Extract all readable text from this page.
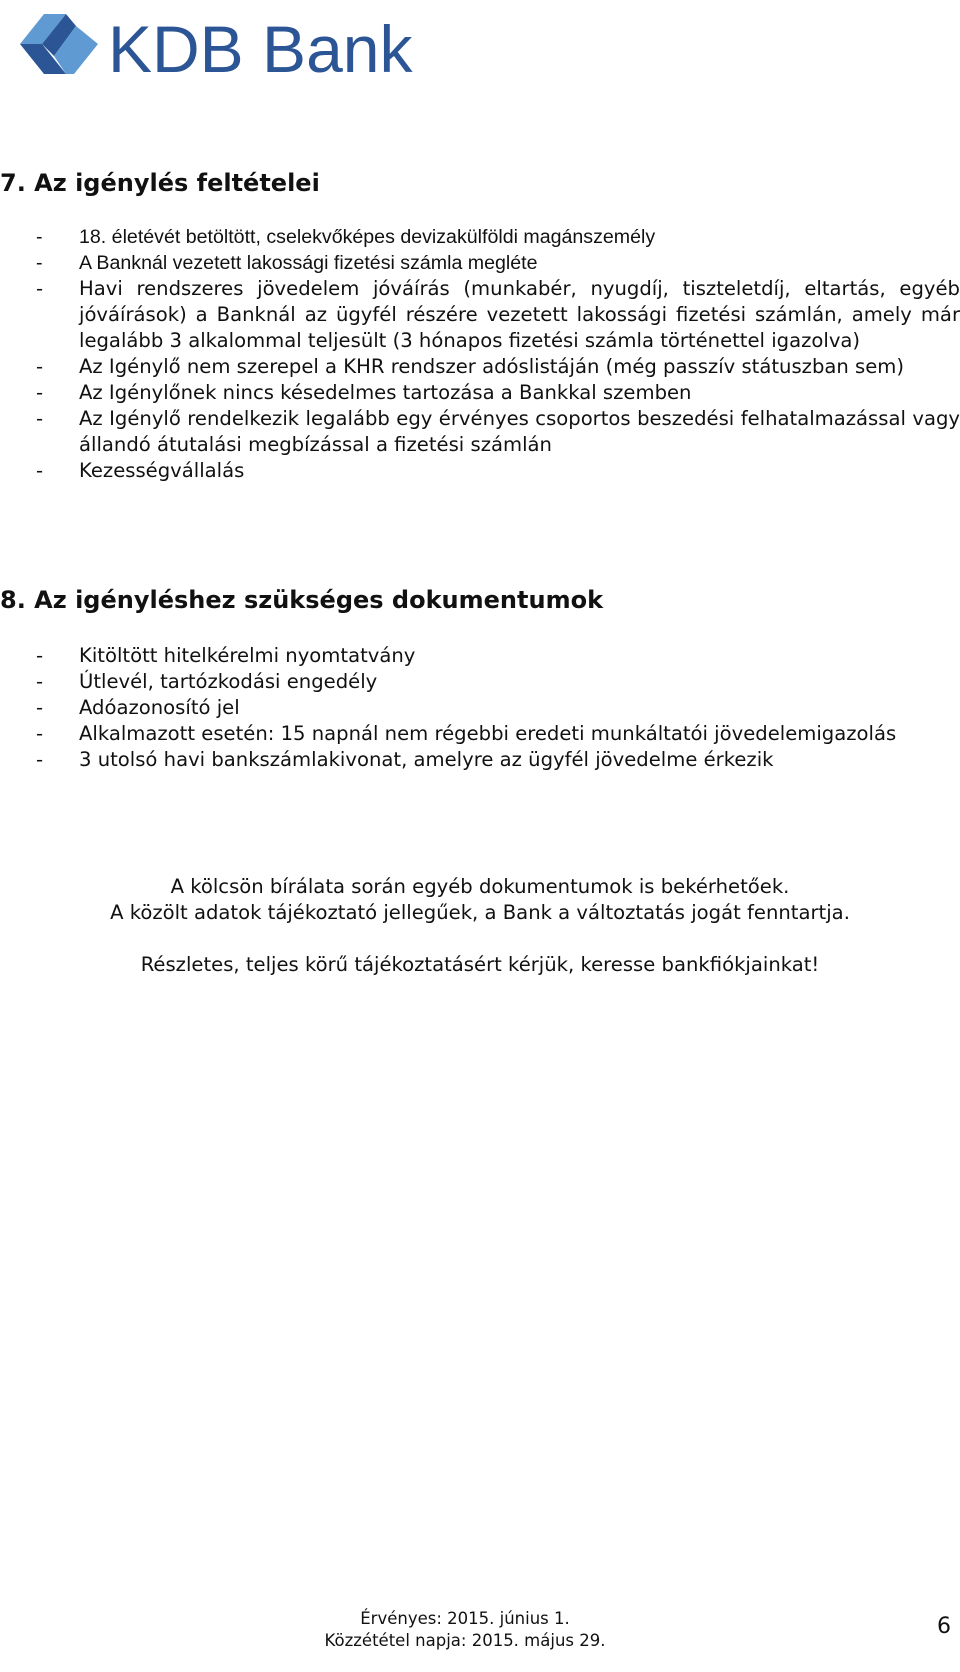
KDB Bank
7. Az igénylés feltételei
- 18. életévét betöltött, cselekvőképes devizakülföldi magánszemély
- A Banknál vezetett lakossági fizetési számla megléte
- Havi rendszeres jövedelem jóváírás (munkabér, nyugdíj, tiszteletdíj, eltartás, egyéb jóváírások) a Banknál az ügyfél részére vezetett lakossági fizetési számlán, amely már legalább 3 alkalommal teljesült (3 hónapos fizetési számla történettel igazolva)
- Az Igénylő nem szerepel a KHR rendszer adóslistáján (még passzív státuszban sem)
- Az Igénylőnek nincs késedelmes tartozása a Bankkal szemben
- Az Igénylő rendelkezik legalább egy érvényes csoportos beszedési felhatalmazással vagy állandó átutalási megbízással a fizetési számlán
- Kezességvállalás
8. Az igényléshez szükséges dokumentumok
- Kitöltött hitelkérelmi nyomtatvány
- Útlevél, tartózkodási engedély
- Adóazonosító jel
- Alkalmazott esetén: 15 napnál nem régebbi eredeti munkáltatói jövedelemigazolás
- 3 utolsó havi bankszámlakivonat, amelyre az ügyfél jövedelme érkezik
A kölcsön bírálata során egyéb dokumentumok is bekérhetőek.
A közölt adatok tájékoztató jellegűek, a Bank a változtatás jogát fenntartja.
Részletes, teljes körű tájékoztatásért kérjük, keresse bankfiókjainkat!
Érvényes: 2015. június 1.
Közzététel napja: 2015. május 29.
6
